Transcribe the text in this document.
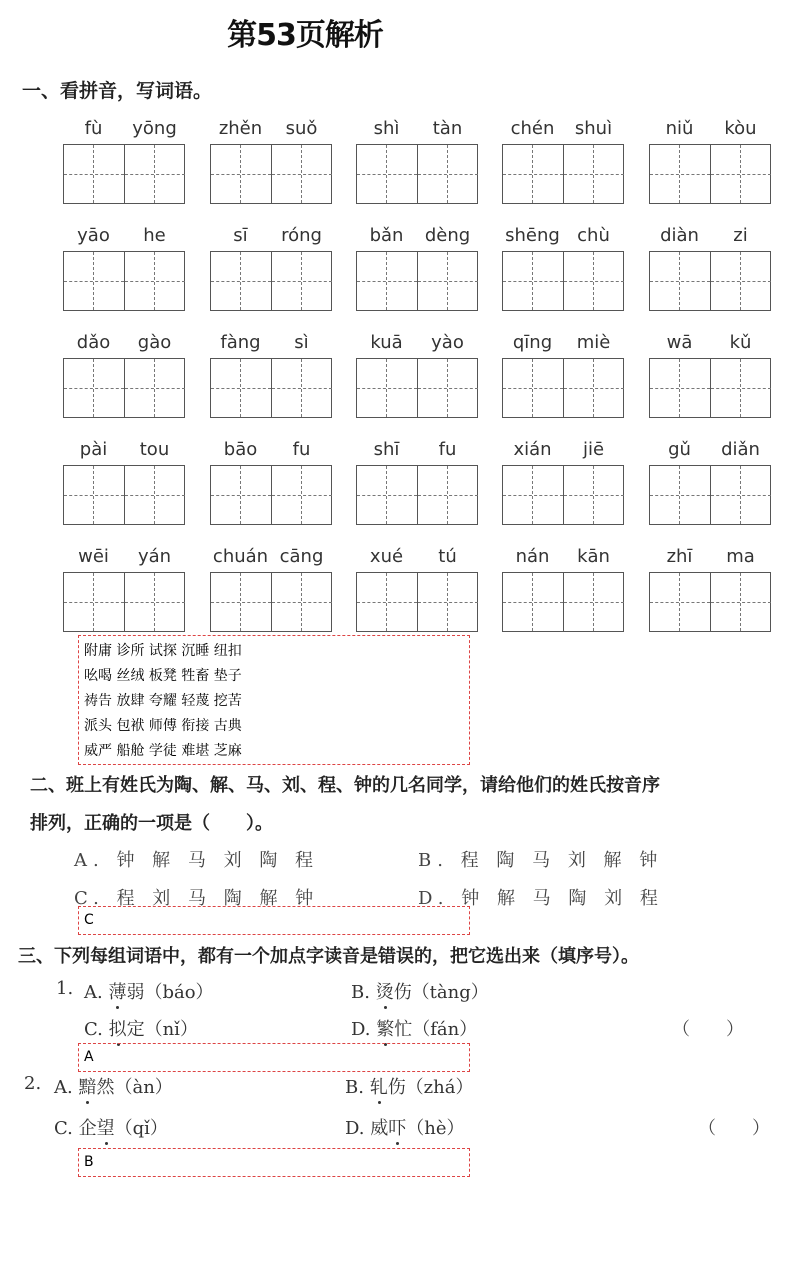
第53页解析
一、看拼音，写词语。
fù	yōng	zhěn	suǒ	shì	tàn	chén	shuì	niǔ	kòu
yāo	he	sī	róng	bǎn	dèng	shēng chù	diàn	zi
dǎo	gào	fàng	sì	kuā	yào	qīng	miè	wā	kǔ
pài	tou	bāo	fu	shī	fu	xián	jiē	gǔ	diǎn
wēi	yán	chuán cāng	xué	tú	nán	kān	zhī	ma
附庸 诊所 试探 沉睡 纽扣
吆喝 丝绒 板凳 牲畜 垫子
祷告 放肆 夸耀 轻蔑 挖苦
派头 包袱 师傅 衔接 古典
威严 船舱 学徒 难堪 芝麻
二、班上有姓氏为陶、解、马、刘、程、钟的几名同学，请给他们的姓氏按音序
排列，正确的一项是（　　）。
A. 钟 解 马 刘 陶 程	B. 程 陶 马 刘 解 钟
C. 程 刘 马 陶 解 钟	D. 钟 解 马 陶 刘 程
C
三、下列每组词语中，都有一个加点字读音是错误的，把它选出来（填序号）。
1. A. 薄弱（báo）	B. 烫伤（tàng）
C. 拟定（nǐ）	D. 繁忙（fán）	（　　）
A
2. A. 黯然（àn）	B. 轧伤（zhá）
C. 企望（qǐ）	D. 威吓（hè）	（　　）
B
